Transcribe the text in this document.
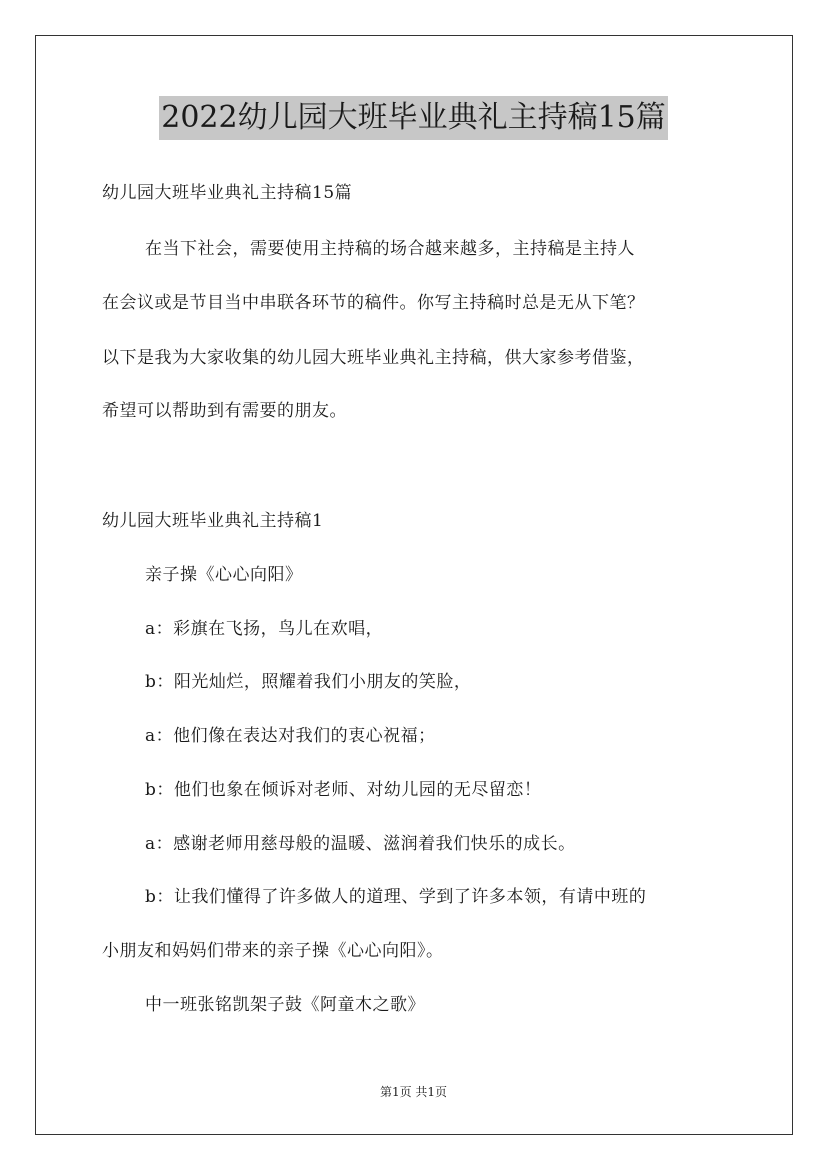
2022幼儿园大班毕业典礼主持稿15篇
幼儿园大班毕业典礼主持稿15篇
在当下社会，需要使用主持稿的场合越来越多，主持稿是主持人
在会议或是节目当中串联各环节的稿件。你写主持稿时总是无从下笔？
以下是我为大家收集的幼儿园大班毕业典礼主持稿，供大家参考借鉴，
希望可以帮助到有需要的朋友。
幼儿园大班毕业典礼主持稿1
亲子操《心心向阳》
a：彩旗在飞扬，鸟儿在欢唱，
b：阳光灿烂，照耀着我们小朋友的笑脸，
a：他们像在表达对我们的衷心祝福；
b：他们也象在倾诉对老师、对幼儿园的无尽留恋！
a：感谢老师用慈母般的温暖、滋润着我们快乐的成长。
b：让我们懂得了许多做人的道理、学到了许多本领，有请中班的
小朋友和妈妈们带来的亲子操《心心向阳》。
中一班张铭凯架子鼓《阿童木之歌》
第1页 共1页
